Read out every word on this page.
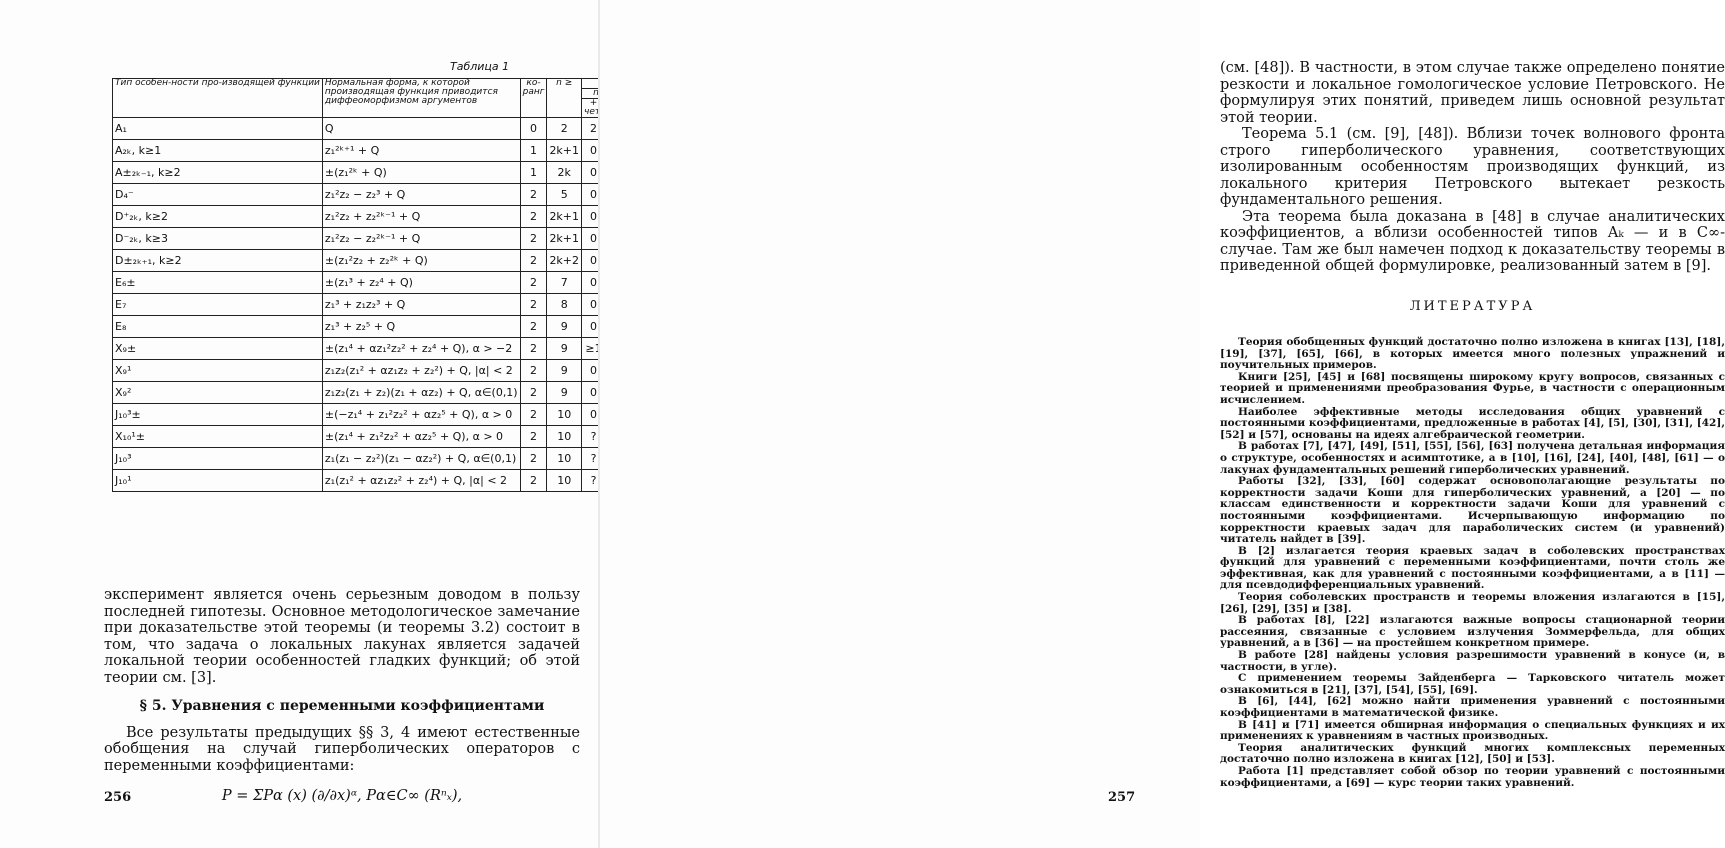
Таблица 1
Тип особен-ности про-изводящей функции	Нормальная форма, к которой производящая функция приводится диффеоморфизмом аргументов	ко-ранг	n ≥	

+
чет.	

A₁	Q	0	2	2			
A₂ₖ, k≥1	z₁²ᵏ⁺¹ + Q	1	2k+1	0			
A±₂ₖ₋₁, k≥2	±(z₁²ᵏ + Q)	1	2k	0			
D₄⁻	z₁²z₂ − z₂³ + Q	2	5	0			
D⁺₂ₖ, k≥2	z₁²z₂ + z₂²ᵏ⁻¹ + Q	2	2k+1	0			
D⁻₂ₖ, k≥3	z₁²z₂ − z₂²ᵏ⁻¹ + Q	2	2k+1	0			
D±₂ₖ₊₁, k≥2	±(z₁²z₂ + z₂²ᵏ + Q)	2	2k+2	0			
E₆±	±(z₁³ + z₂⁴ + Q)	2	7	0			
E₇	z₁³ + z₁z₂³ + Q	2	8	0			
E₈	z₁³ + z₂⁵ + Q	2	9	0			
X₉±	±(z₁⁴ + αz₁²z₂² + z₂⁴ + Q), α > −2	2	9	≥1			
X₉¹	z₁z₂(z₁² + αz₁z₂ + z₂²) + Q, |α| < 2	2	9	0			
X₉²	z₁z₂(z₁ + z₂)(z₁ + αz₂) + Q, α∈(0,1)	2	9	0			
J₁₀³±	±(−z₁⁴ + z₁²z₂² + αz₂⁵ + Q), α > 0	2	10	0			
X₁₀¹±	±(z₁⁴ + z₁²z₂² + αz₂⁵ + Q), α > 0	2	10	?			
J₁₀³	z₁(z₁ − z₂²)(z₁ − αz₂²) + Q, α∈(0,1)	2	10	?			
J₁₀¹	z₁(z₁² + αz₁z₂² + z₂⁴) + Q, |α| < 2	2	10	?			

эксперимент является очень серьезным доводом в пользу последней гипотезы. Основное методологическое замечание при доказательстве этой теоремы (и теоремы 3.2) состоит в том, что задача о локальных лакунах является задачей локальной теории особенностей гладких функций; об этой теории см. [3].

§ 5. Уравнения с переменными коэффициентами

Все результаты предыдущих §§ 3, 4 имеют естественные обобщения на случай гиперболических операторов с переменными коэффициентами:

P = ΣPα (x) (∂/∂x)ᵅ, Pα∈C∞ (Rⁿₓ),
256

(см. [48]). В частности, в этом случае также определено понятие резкости и локальное гомологическое условие Петровского. Не формулируя этих понятий, приведем лишь основной результат этой теории.

Теорема 5.1 (см. [9], [48]). Вблизи точек волнового фронта строго гиперболического уравнения, соответствующих изолированным особенностям производящих функций, из локального критерия Петровского вытекает резкость фундаментального решения.

Эта теорема была доказана в [48] в случае аналитических коэффициентов, а вблизи особенностей типов Aₖ — и в C∞-случае. Там же был намечен подход к доказательству теоремы в приведенной общей формулировке, реализованный затем в [9].

ЛИТЕРАТУРА

Теория обобщенных функций достаточно полно изложена в книгах [13], [18], [19], [37], [65], [66], в которых имеется много полезных упражнений и поучительных примеров.

Книги [25], [45] и [68] посвящены широкому кругу вопросов, связанных с теорией и применениями преобразования Фурье, в частности с операционным исчислением.

Наиболее эффективные методы исследования общих уравнений с постоянными коэффициентами, предложенные в работах [4], [5], [30], [31], [42], [52] и [57], основаны на идеях алгебраической геометрии.

В работах [7], [47], [49], [51], [55], [56], [63] получена детальная информация о структуре, особенностях и асимптотике, а в [10], [16], [24], [40], [48], [61] — о лакунах фундаментальных решений гиперболических уравнений.

Работы [32], [33], [60] содержат основополагающие результаты по корректности задачи Коши для гиперболических уравнений, а [20] — по классам единственности и корректности задачи Коши для уравнений с постоянными коэффициентами. Исчерпывающую информацию по корректности краевых задач для параболических систем (и уравнений) читатель найдет в [39].

В [2] излагается теория краевых задач в соболевских пространствах функций для уравнений с переменными коэффициентами, почти столь же эффективная, как для уравнений с постоянными коэффициентами, а в [11] — для псевдодифференциальных уравнений.

Теория соболевских пространств и теоремы вложения излагаются в [15], [26], [29], [35] и [38].

В работах [8], [22] излагаются важные вопросы стационарной теории рассеяния, связанные с условием излучения Зоммерфельда, для общих уравнений, а в [36] — на простейшем конкретном примере.

В работе [28] найдены условия разрешимости уравнений в конусе (и, в частности, в угле).

С применением теоремы Зайденберга — Тарковского читатель может ознакомиться в [21], [37], [54], [55], [69].

В [6], [44], [62] можно найти применения уравнений с постоянными коэффициентами в математической физике.

В [41] и [71] имеется обширная информация о специальных функциях и их применениях к уравнениям в частных производных.

Теория аналитических функций многих комплексных переменных достаточно полно изложена в книгах [12], [50] и [53].

Работа [1] представляет собой обзор по теории уравнений с постоянными коэффициентами, а [69] — курс теории таких уравнений.

257
